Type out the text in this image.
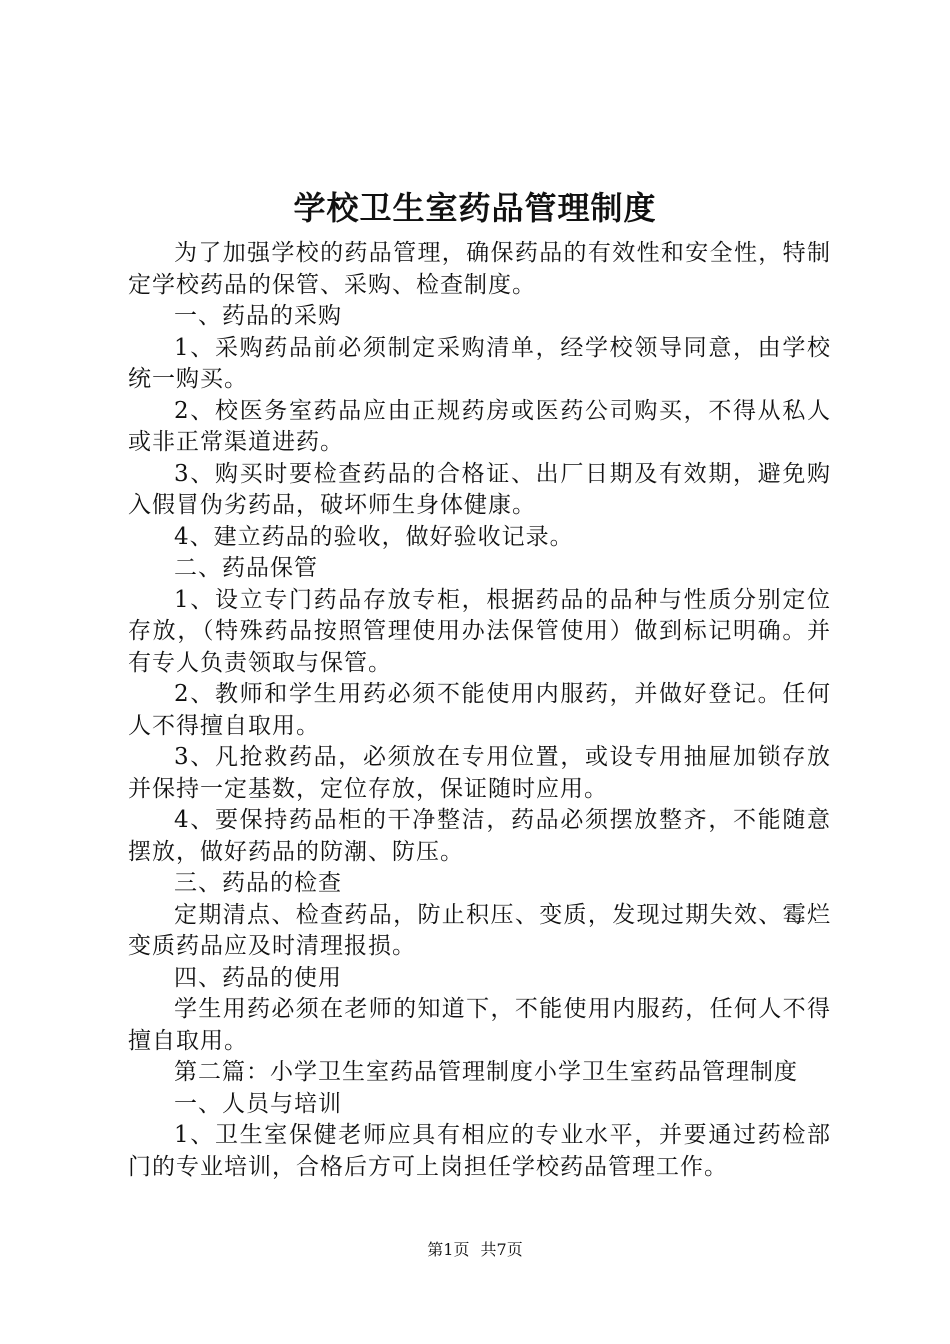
学校卫生室药品管理制度

为了加强学校的药品管理，确保药品的有效性和安全性，特制定学校药品的保管、采购、检查制度。

一、药品的采购

1、采购药品前必须制定采购清单，经学校领导同意，由学校统一购买。

2、校医务室药品应由正规药房或医药公司购买，不得从私人或非正常渠道进药。

3、购买时要检查药品的合格证、出厂日期及有效期，避免购入假冒伪劣药品，破坏师生身体健康。

4、建立药品的验收，做好验收记录。

二、药品保管

1、设立专门药品存放专柜，根据药品的品种与性质分别定位存放，（特殊药品按照管理使用办法保管使用）做到标记明确。并有专人负责领取与保管。

2、教师和学生用药必须不能使用内服药，并做好登记。任何人不得擅自取用。

3、凡抢救药品，必须放在专用位置，或设专用抽屉加锁存放并保持一定基数，定位存放，保证随时应用。

4、要保持药品柜的干净整洁，药品必须摆放整齐，不能随意摆放，做好药品的防潮、防压。

三、药品的检查

定期清点、检查药品，防止积压、变质，发现过期失效、霉烂变质药品应及时清理报损。

四、药品的使用

学生用药必须在老师的知道下，不能使用内服药，任何人不得擅自取用。

第二篇：小学卫生室药品管理制度小学卫生室药品管理制度

一、人员与培训

1、卫生室保健老师应具有相应的专业水平，并要通过药检部门的专业培训，合格后方可上岗担任学校药品管理工作。

第1页 共7页
